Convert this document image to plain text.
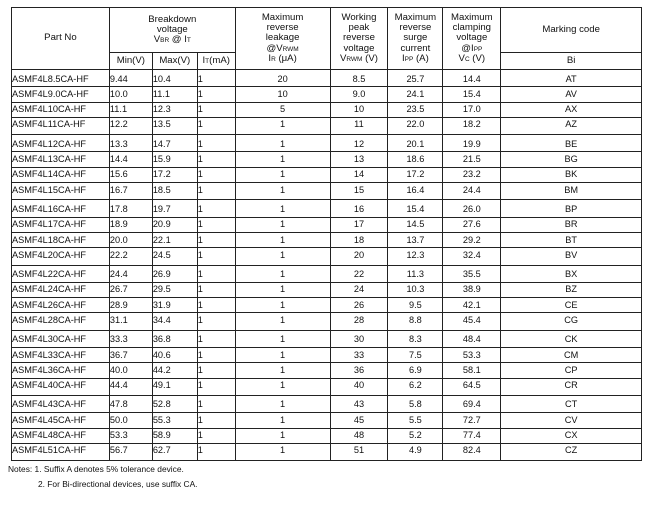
Part No	Breakdown
voltage
VBR @ IT			Maximum
reverse
leakage
@VRWM
IR (μA)	Working
peak
reverse
voltage
VRWM (V)	Maximum
reverse
surge
current
IPP (A)	Maximum
clamping
voltage
@IPP
VC (V)	Marking code
	Min(V)	Max(V)	IT(mA)					Bi
ASMF4L8.5CA-HF	9.44	10.4	1	20	8.5	25.7	14.4	AT
ASMF4L9.0CA-HF	10.0	11.1	1	10	9.0	24.1	15.4	AV
ASMF4L10CA-HF	11.1	12.3	1	5	10	23.5	17.0	AX
ASMF4L11CA-HF	12.2	13.5	1	1	11	22.0	18.2	AZ
ASMF4L12CA-HF	13.3	14.7	1	1	12	20.1	19.9	BE
ASMF4L13CA-HF	14.4	15.9	1	1	13	18.6	21.5	BG
ASMF4L14CA-HF	15.6	17.2	1	1	14	17.2	23.2	BK
ASMF4L15CA-HF	16.7	18.5	1	1	15	16.4	24.4	BM
ASMF4L16CA-HF	17.8	19.7	1	1	16	15.4	26.0	BP
ASMF4L17CA-HF	18.9	20.9	1	1	17	14.5	27.6	BR
ASMF4L18CA-HF	20.0	22.1	1	1	18	13.7	29.2	BT
ASMF4L20CA-HF	22.2	24.5	1	1	20	12.3	32.4	BV
ASMF4L22CA-HF	24.4	26.9	1	1	22	11.3	35.5	BX
ASMF4L24CA-HF	26.7	29.5	1	1	24	10.3	38.9	BZ
ASMF4L26CA-HF	28.9	31.9	1	1	26	9.5	42.1	CE
ASMF4L28CA-HF	31.1	34.4	1	1	28	8.8	45.4	CG
ASMF4L30CA-HF	33.3	36.8	1	1	30	8.3	48.4	CK
ASMF4L33CA-HF	36.7	40.6	1	1	33	7.5	53.3	CM
ASMF4L36CA-HF	40.0	44.2	1	1	36	6.9	58.1	CP
ASMF4L40CA-HF	44.4	49.1	1	1	40	6.2	64.5	CR
ASMF4L43CA-HF	47.8	52.8	1	1	43	5.8	69.4	CT
ASMF4L45CA-HF	50.0	55.3	1	1	45	5.5	72.7	CV
ASMF4L48CA-HF	53.3	58.9	1	1	48	5.2	77.4	CX
ASMF4L51CA-HF	56.7	62.7	1	1	51	4.9	82.4	CZ
Notes: 1. Suffix A denotes 5% tolerance device.
2. For Bi-directional devices, use suffix CA.
